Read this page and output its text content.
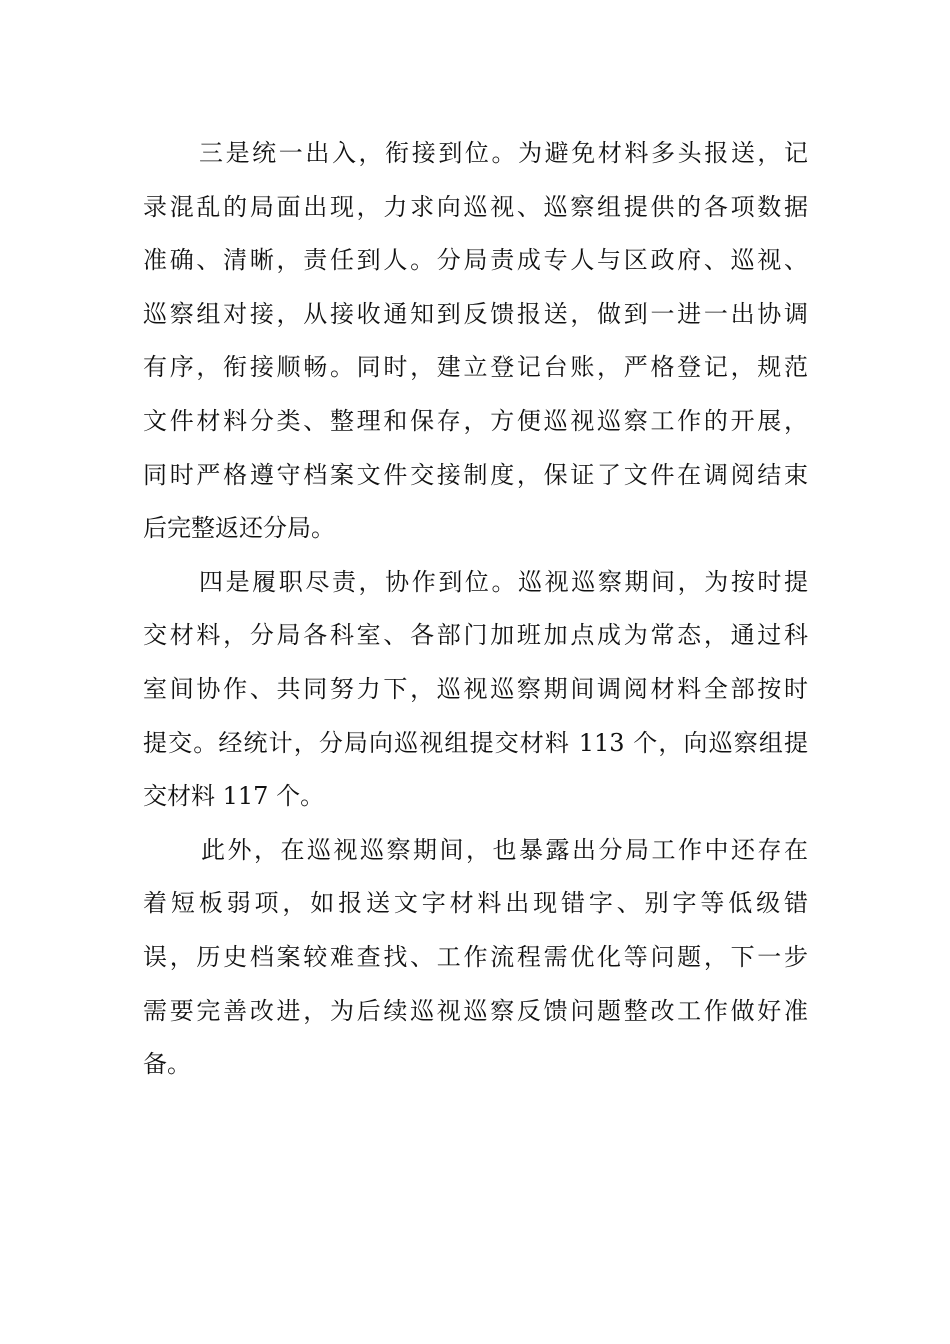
三是统一出入，衔接到位。为避免材料多头报送，记
录混乱的局面出现，力求向巡视、巡察组提供的各项数据
准确、清晰，责任到人。分局责成专人与区政府、巡视、
巡察组对接，从接收通知到反馈报送，做到一进一出协调
有序，衔接顺畅。同时，建立登记台账，严格登记，规范
文件材料分类、整理和保存，方便巡视巡察工作的开展，
同时严格遵守档案文件交接制度，保证了文件在调阅结束
后完整返还分局。
四是履职尽责，协作到位。巡视巡察期间，为按时提
交材料，分局各科室、各部门加班加点成为常态，通过科
室间协作、共同努力下，巡视巡察期间调阅材料全部按时
提交。经统计，分局向巡视组提交材料 113 个，向巡察组提
交材料 117 个。
此外，在巡视巡察期间，也暴露出分局工作中还存在
着短板弱项，如报送文字材料出现错字、别字等低级错
误，历史档案较难查找、工作流程需优化等问题，下一步
需要完善改进，为后续巡视巡察反馈问题整改工作做好准
备。
